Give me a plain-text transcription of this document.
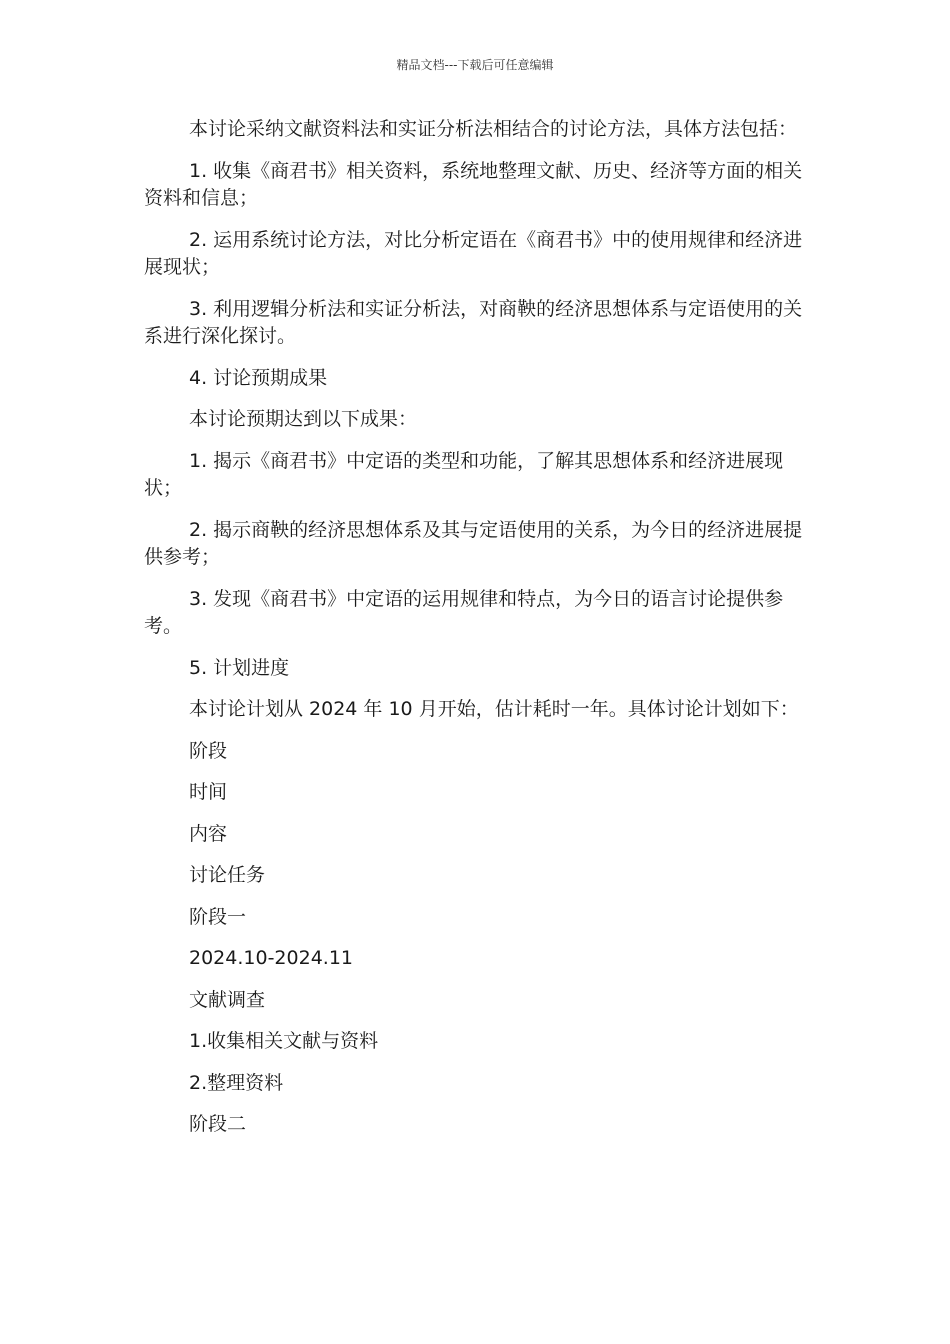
精品文档---下载后可任意编辑

本讨论采纳文献资料法和实证分析法相结合的讨论方法，具体方法包括：

1. 收集《商君书》相关资料，系统地整理文献、历史、经济等方面的相关资料和信息；

2. 运用系统讨论方法，对比分析定语在《商君书》中的使用规律和经济进展现状；

3. 利用逻辑分析法和实证分析法，对商鞅的经济思想体系与定语使用的关系进行深化探讨。

4. 讨论预期成果

本讨论预期达到以下成果：

1. 揭示《商君书》中定语的类型和功能，了解其思想体系和经济进展现状；

2. 揭示商鞅的经济思想体系及其与定语使用的关系，为今日的经济进展提供参考；

3. 发现《商君书》中定语的运用规律和特点，为今日的语言讨论提供参考。

5. 计划进度

本讨论计划从 2024 年 10 月开始，估计耗时一年。具体讨论计划如下：

阶段

时间

内容

讨论任务

阶段一

2024.10-2024.11

文献调查

1.收集相关文献与资料

2.整理资料

阶段二
